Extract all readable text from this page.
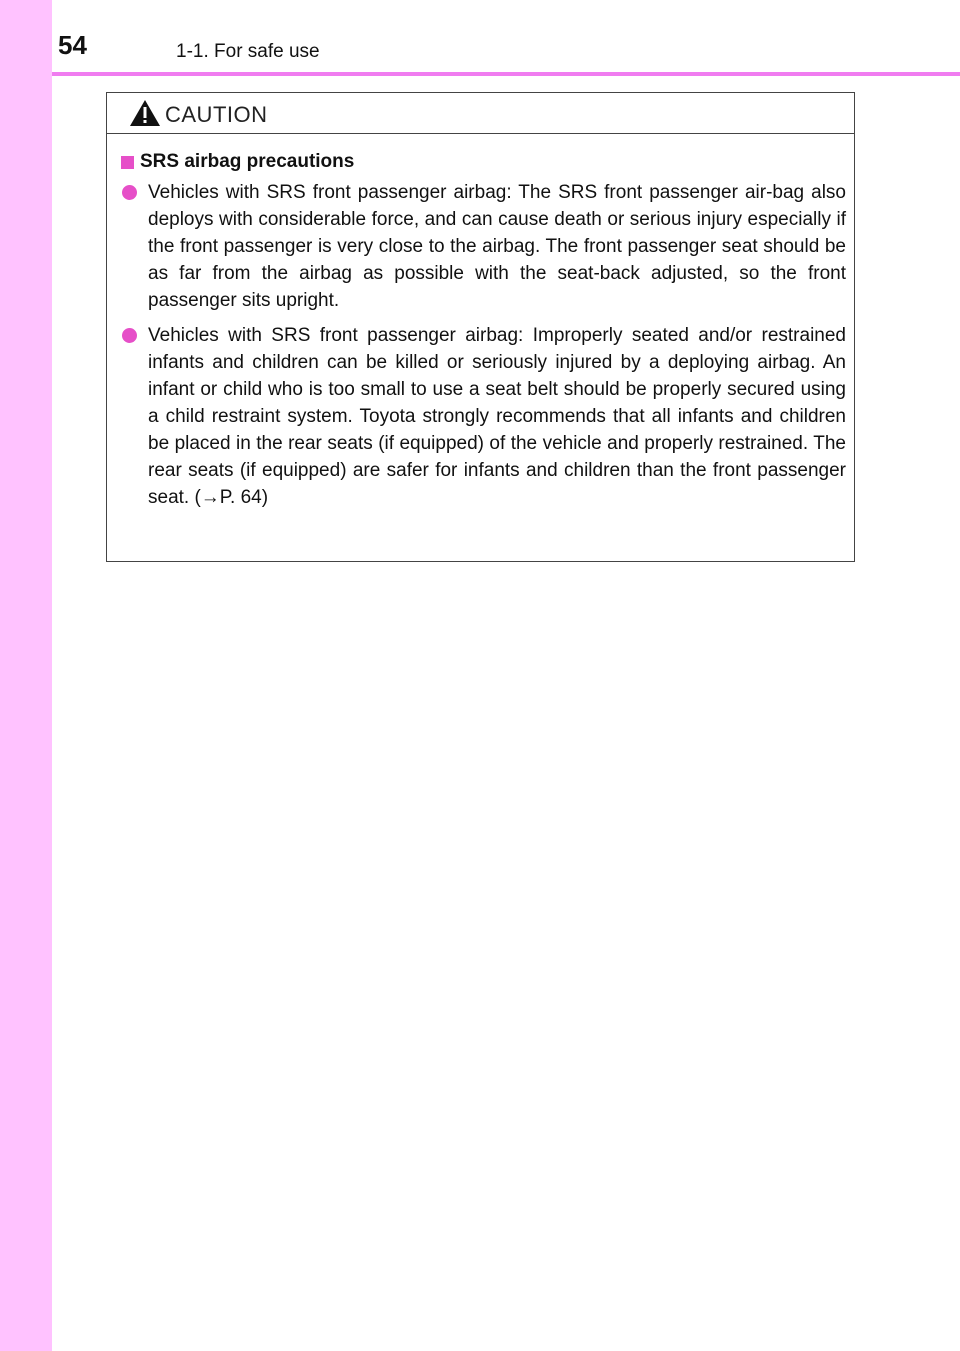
54	1-1. For safe use
CAUTION
SRS airbag precautions
Vehicles with SRS front passenger airbag: The SRS front passenger air-bag also deploys with considerable force, and can cause death or serious injury especially if the front passenger is very close to the airbag. The front passenger seat should be as far from the airbag as possible with the seat-back adjusted, so the front passenger sits upright.
Vehicles with SRS front passenger airbag: Improperly seated and/or restrained infants and children can be killed or seriously injured by a deploying airbag. An infant or child who is too small to use a seat belt should be properly secured using a child restraint system. Toyota strongly recommends that all infants and children be placed in the rear seats (if equipped) of the vehicle and properly restrained. The rear seats (if equipped) are safer for infants and children than the front passenger seat. (→P. 64)
